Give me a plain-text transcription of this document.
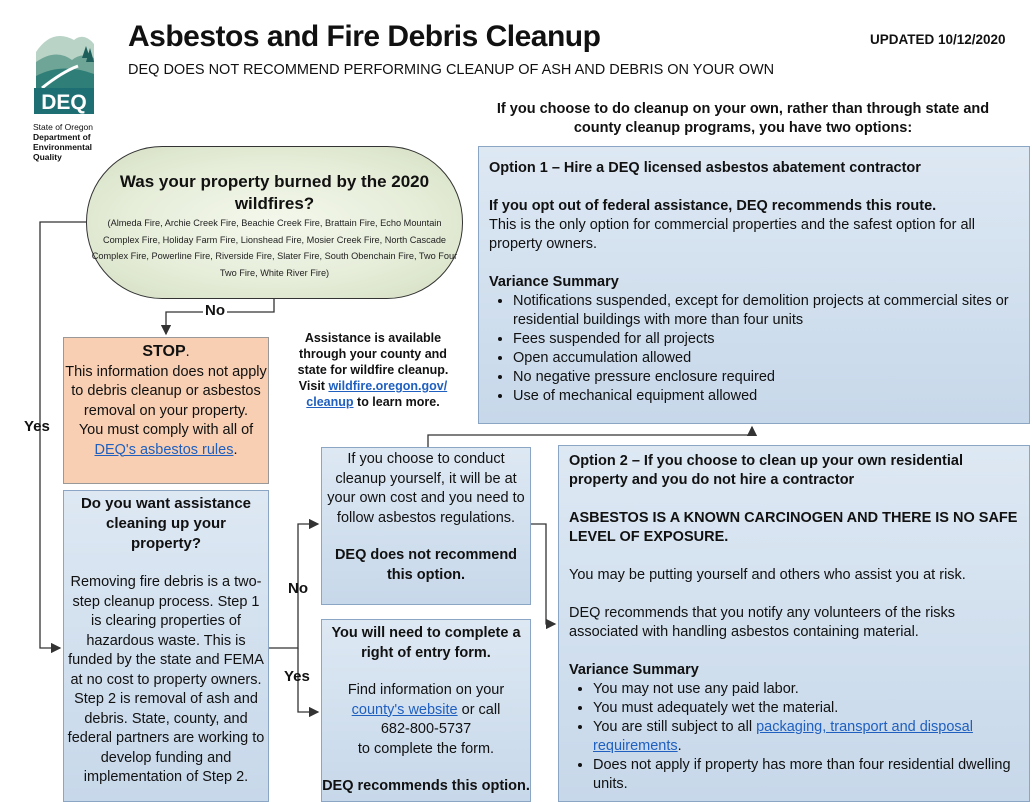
DEQ
State of Oregon
Department of
Environmental
Quality
Asbestos and Fire Debris Cleanup
DEQ DOES NOT RECOMMEND PERFORMING CLEANUP OF ASH AND DEBRIS ON YOUR OWN
UPDATED 10/12/2020
If you choose to do cleanup on your own, rather than through state and county cleanup programs, you have two options:
Was your property burned by the 2020 wildfires?
(Almeda Fire, Archie Creek Fire, Beachie Creek Fire, Brattain Fire, Echo Mountain Complex Fire, Holiday Farm Fire, Lionshead Fire, Mosier Creek Fire, North Cascade Complex Fire, Powerline Fire, Riverside Fire, Slater Fire, South Obenchain Fire, Two Four Two Fire, White River Fire)
No
Yes
No
Yes
STOP.
This information does not apply to debris cleanup or asbestos removal on your property.
You must comply with all of
DEQ's asbestos rules.
Assistance is available through your county and state for wildfire cleanup. Visit wildfire.oregon.gov/ cleanup to learn more.
Do you want assistance cleaning up your property?
Removing fire debris is a two-step cleanup process. Step 1 is clearing properties of hazardous waste. This is funded by the state and FEMA at no cost to property owners. Step 2 is removal of ash and debris. State, county, and federal partners are working to develop funding and implementation of Step 2.
If you choose to conduct cleanup yourself, it will be at your own cost and you need to follow asbestos regulations.
DEQ does not recommend this option.
You will need to complete a right of entry form.
Find information on your
county's website or call
682-800-5737
to complete the form.
DEQ recommends this option.
Option 1 – Hire a DEQ licensed asbestos abatement contractor
If you opt out of federal assistance, DEQ recommends this route.
This is the only option for commercial properties and the safest option for all property owners.
Variance Summary
• Notifications suspended, except for demolition projects at commercial sites or residential buildings with more than four units
• Fees suspended for all projects
• Open accumulation allowed
• No negative pressure enclosure required
• Use of mechanical equipment allowed
Option 2 – If you choose to clean up your own residential property and you do not hire a contractor
ASBESTOS IS A KNOWN CARCINOGEN AND THERE IS NO SAFE LEVEL OF EXPOSURE.
You may be putting yourself and others who assist you at risk.
DEQ recommends that you notify any volunteers of the risks associated with handling asbestos containing material.
Variance Summary
• You may not use any paid labor.
• You must adequately wet the material.
• You are still subject to all packaging, transport and disposal requirements.
• Does not apply if property has more than four residential dwelling units.
